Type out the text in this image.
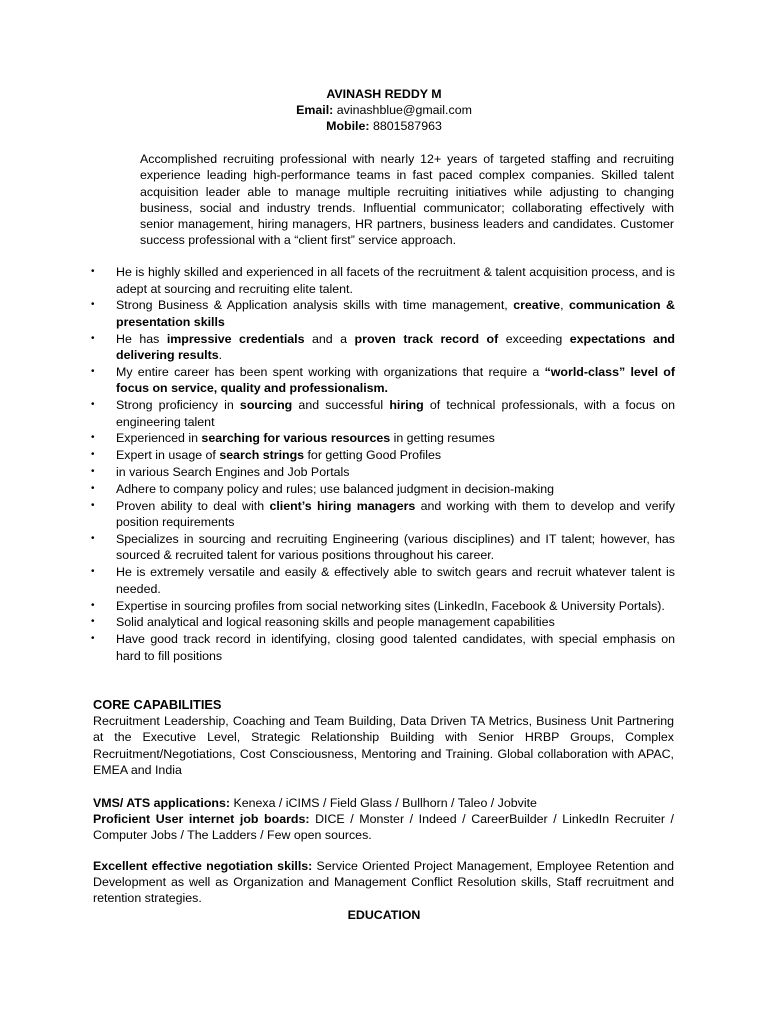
AVINASH REDDY M
Email: avinashblue@gmail.com
Mobile: 8801587963
Accomplished recruiting professional with nearly 12+ years of targeted staffing and recruiting experience leading high-performance teams in fast paced complex companies. Skilled talent acquisition leader able to manage multiple recruiting initiatives while adjusting to changing business, social and industry trends. Influential communicator; collaborating effectively with senior management, hiring managers, HR partners, business leaders and candidates. Customer success professional with a “client first” service approach.
• He is highly skilled and experienced in all facets of the recruitment & talent acquisition process, and is adept at sourcing and recruiting elite talent.
• Strong Business & Application analysis skills with time management, creative, communication & presentation skills
• He has impressive credentials and a proven track record of exceeding expectations and delivering results.
• My entire career has been spent working with organizations that require a “world-class” level of focus on service, quality and professionalism.
• Strong proficiency in sourcing and successful hiring of technical professionals, with a focus on engineering talent
• Experienced in searching for various resources in getting resumes
• Expert in usage of search strings for getting Good Profiles
• in various Search Engines and Job Portals
• Adhere to company policy and rules; use balanced judgment in decision-making
• Proven ability to deal with client’s hiring managers and working with them to develop and verify position requirements
• Specializes in sourcing and recruiting Engineering (various disciplines) and IT talent; however, has sourced & recruited talent for various positions throughout his career.
• He is extremely versatile and easily & effectively able to switch gears and recruit whatever talent is needed.
• Expertise in sourcing profiles from social networking sites (LinkedIn, Facebook & University Portals).
• Solid analytical and logical reasoning skills and people management capabilities
• Have good track record in identifying, closing good talented candidates, with special emphasis on hard to fill positions
CORE CAPABILITIES
Recruitment Leadership, Coaching and Team Building, Data Driven TA Metrics, Business Unit Partnering at the Executive Level, Strategic Relationship Building with Senior HRBP Groups, Complex Recruitment/Negotiations, Cost Consciousness, Mentoring and Training. Global collaboration with APAC, EMEA and India
VMS/ ATS applications: Kenexa / iCIMS / Field Glass / Bullhorn / Taleo / Jobvite
Proficient User internet job boards: DICE / Monster / Indeed / CareerBuilder / LinkedIn Recruiter / Computer Jobs / The Ladders / Few open sources.
Excellent effective negotiation skills: Service Oriented Project Management, Employee Retention and Development as well as Organization and Management Conflict Resolution skills, Staff recruitment and retention strategies.
EDUCATION
